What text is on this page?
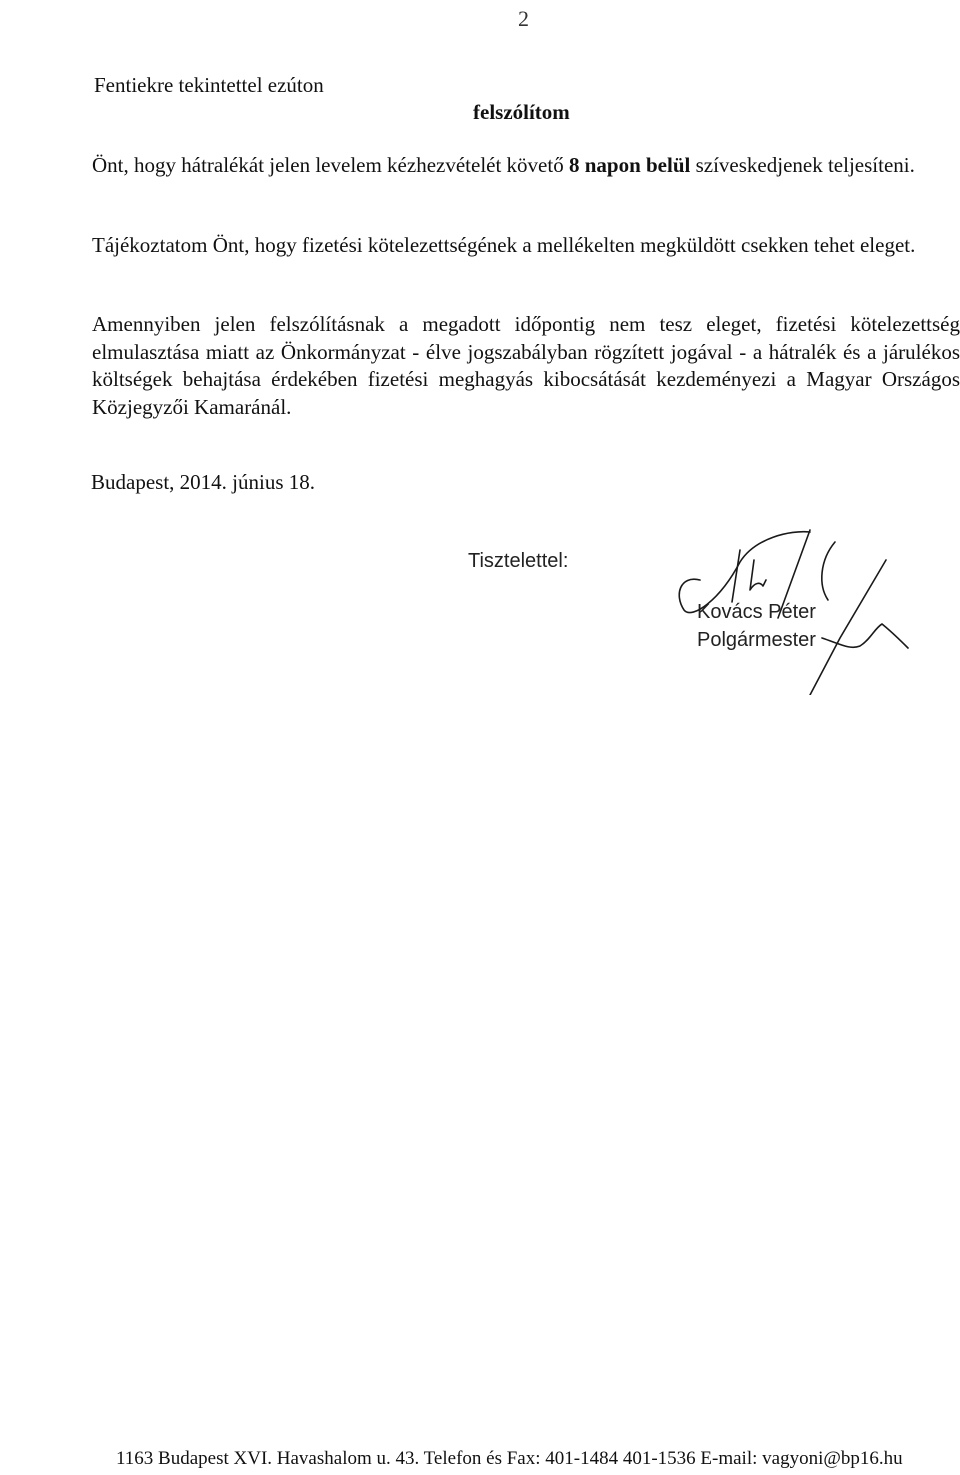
2
Fentiekre tekintettel ezúton
felszólítom

Önt, hogy hátralékát jelen levelem kézhezvételét követő 8 napon belül szíveskedjenek teljesíteni.

Tájékoztatom Önt, hogy fizetési kötelezettségének a mellékelten megküldött csekken tehet eleget.

Amennyiben jelen felszólításnak a megadott időpontig nem tesz eleget, fizetési kötelezettség elmulasztása miatt az Önkormányzat - élve jogszabályban rögzített jogával - a hátralék és a járulékos költségek behajtása érdekében fizetési meghagyás kibocsátását kezdeményezi a Magyar Országos Közjegyzői Kamaránál.

Budapest, 2014. június 18.
Tisztelettel:
Kovács Péter
Polgármester
1163 Budapest XVI. Havashalom u. 43. Telefon és Fax: 401-1484 401-1536 E-mail: vagyoni@bp16.hu
